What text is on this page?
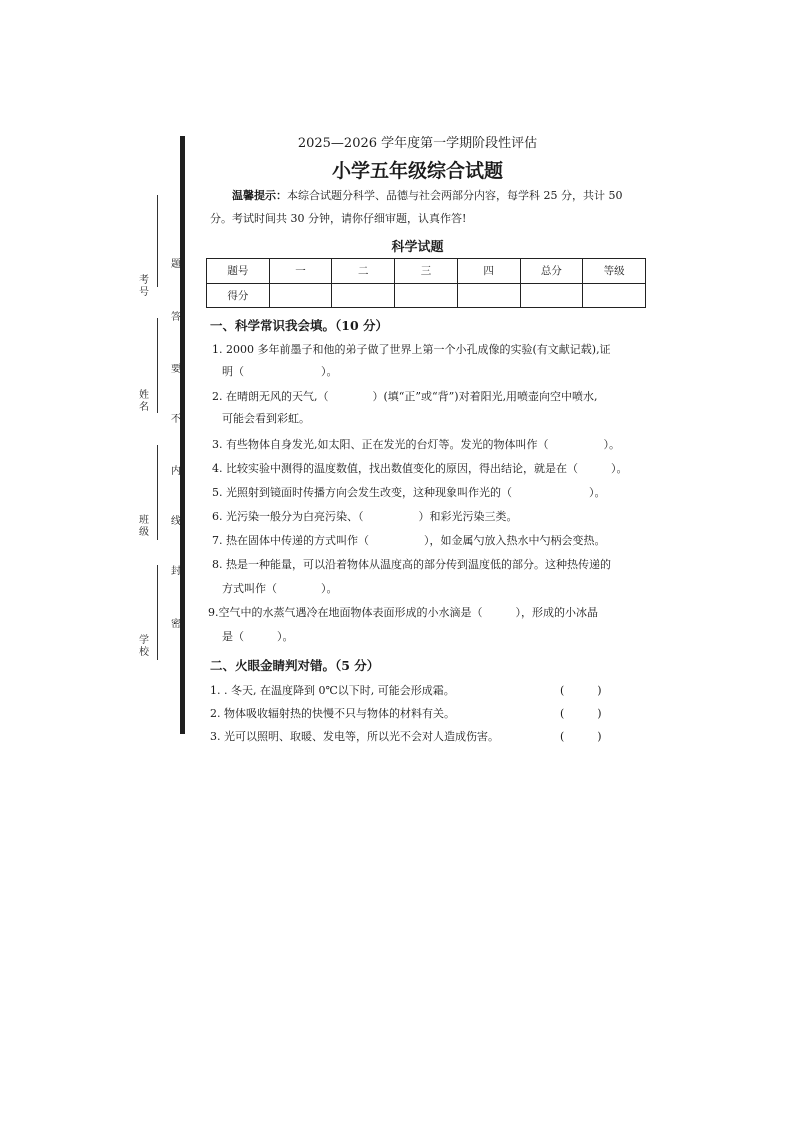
考号
姓名
班级
学校
题
答
要
不
内
线
封
密
2025—2026 学年度第一学期阶段性评估
小学五年级综合试题
温馨提示：本综合试题分科学、品德与社会两部分内容，每学科 25 分，共计 50
分。考试时间共 30 分钟，请你仔细审题，认真作答!
科学试题
题号	一	二	三	四	总分	等级
得分						
一、科学常识我会填。（10 分）
1. 2000 多年前墨子和他的弟子做了世界上第一个小孔成像的实验(有文献记载),证
明（　　　　　　　）。
2. 在晴朗无风的天气,（　　　　）(填“正”或“背”)对着阳光,用喷壶向空中喷水,
可能会看到彩虹。
3. 有些物体自身发光,如太阳、正在发光的台灯等。发光的物体叫作（　　　　　）。
4. 比较实验中测得的温度数值，找出数值变化的原因，得出结论，就是在（　　　）。
5. 光照射到镜面时传播方向会发生改变，这种现象叫作光的（　　　　　　　）。
6. 光污染一般分为白亮污染、（　　　　　）和彩光污染三类。
7. 热在固体中传递的方式叫作（　　　　　），如金属勺放入热水中勺柄会变热。
8. 热是一种能量，可以沿着物体从温度高的部分传到温度低的部分。这种热传递的
方式叫作（　　　　）。
9.空气中的水蒸气遇冷在地面物体表面形成的小水滴是（　　　），形成的小冰晶
是（　　　）。
二、火眼金睛判对错。（5 分）
1. . 冬天, 在温度降到 0℃以下时, 可能会形成霜。	(　　　)
2. 物体吸收辐射热的快慢不只与物体的材料有关。	(　　　)
3. 光可以照明、取暖、发电等，所以光不会对人造成伤害。	(　　　)
